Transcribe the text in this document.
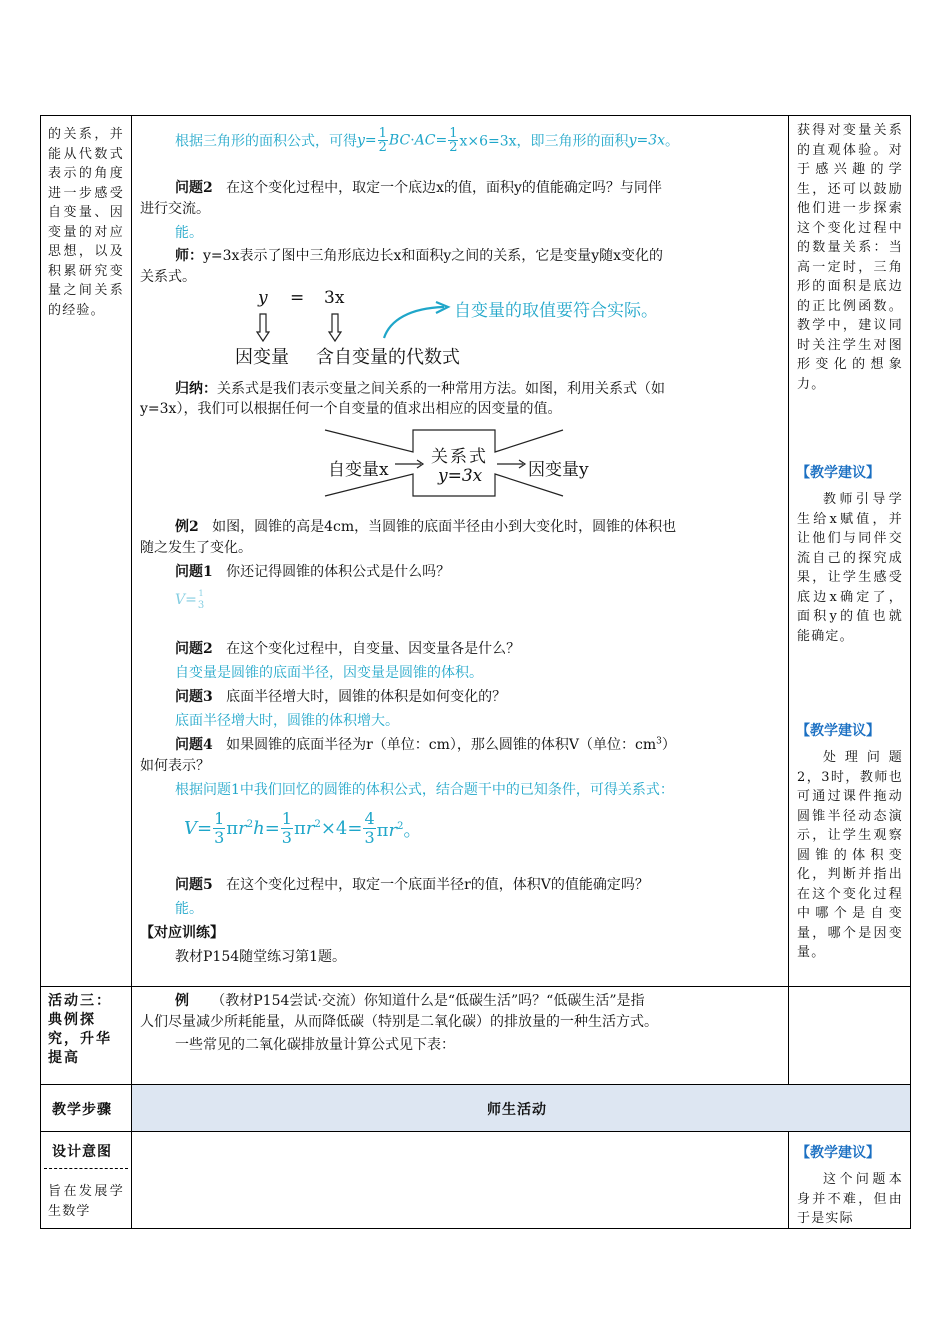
的关系，并能从代数式表示的角度进一步感受自变量、因变量的对应思想，以及积累研究变量之间关系的经验。
活动三：典例探究，升华提高
设计意图
旨在发展学生数学
获得对变量关系的直观体验。对于感兴趣的学生，还可以鼓励他们进一步探索这个变化过程中的数量关系：当高一定时，三角形的面积是底边的正比例函数。教学中，建议同时关注学生对图形变化的想象力。
【教学建议】
教师引导学生给x赋值，并让他们与同伴交流自己的探究成果，让学生感受底边x确定了，面积y的值也就能确定。
【教学建议】
处理问题2，3时，教师也可通过课件拖动圆锥半径动态演示，让学生观察圆锥的体积变化，判断并指出在这个变化过程中哪个是自变量，哪个是因变量。
【教学建议】
这个问题本身并不难，但由于是实际
根据三角形的面积公式，可得$y= \frac{1}{2} BC\cdot AC= \frac{1}{2} x\times 6=3x$，即三角形的面积y=3x。
问题2 在这个变化过程中，取定一个底边x的值，面积y的值能确定吗？与同伴
进行交流。
能。
师：y=3x表示了图中三角形底边长x和面积y之间的关系，它是变量y随x变化的
关系式。
y = 3x
因变量 含自变量的代数式
自变量的取值要符合实际。
归纳：关系式是我们表示变量之间关系的一种常用方法。如图，利用关系式（如
y=3x），我们可以根据任何一个自变量的值求出相应的因变量的值。
自变量x
关系式
y=3x	因变量y
例2 如图，圆锥的高是4cm，当圆锥的底面半径由小到大变化时，圆锥的体积也
随之发生了变化。
问题1 你还记得圆锥的体积公式是什么吗？
V= 1
3
问题2 在这个变化过程中，自变量、因变量各是什么？
自变量是圆锥的底面半径，因变量是圆锥的体积。
问题3 底面半径增大时，圆锥的体积是如何变化的？
底面半径增大时，圆锥的体积增大。
问题4 如果圆锥的底面半径为r（单位：cm），那么圆锥的体积V（单位：$cm^3$）
如何表示？
根据问题1中我们回忆的圆锥的体积公式，结合题干中的已知条件，可得关系式：
$V= \frac{1}{3} \pi r^2h= \frac{1}{3} \pi r^2\times 4= \frac{4}{3} \pi r^2$。
问题5 在这个变化过程中，取定一个底面半径r的值，体积V的值能确定吗？
能。
【对应训练】
教材P154随堂练习第1题。
例 （教材P154尝试·交流）你知道什么是“低碳生活”吗？“低碳生活”是指
人们尽量减少所耗能量，从而降低碳（特别是二氧化碳）的排放量的一种生活方式。
一些常见的二氧化碳排放量计算公式见下表：
教学步骤	师生活动
